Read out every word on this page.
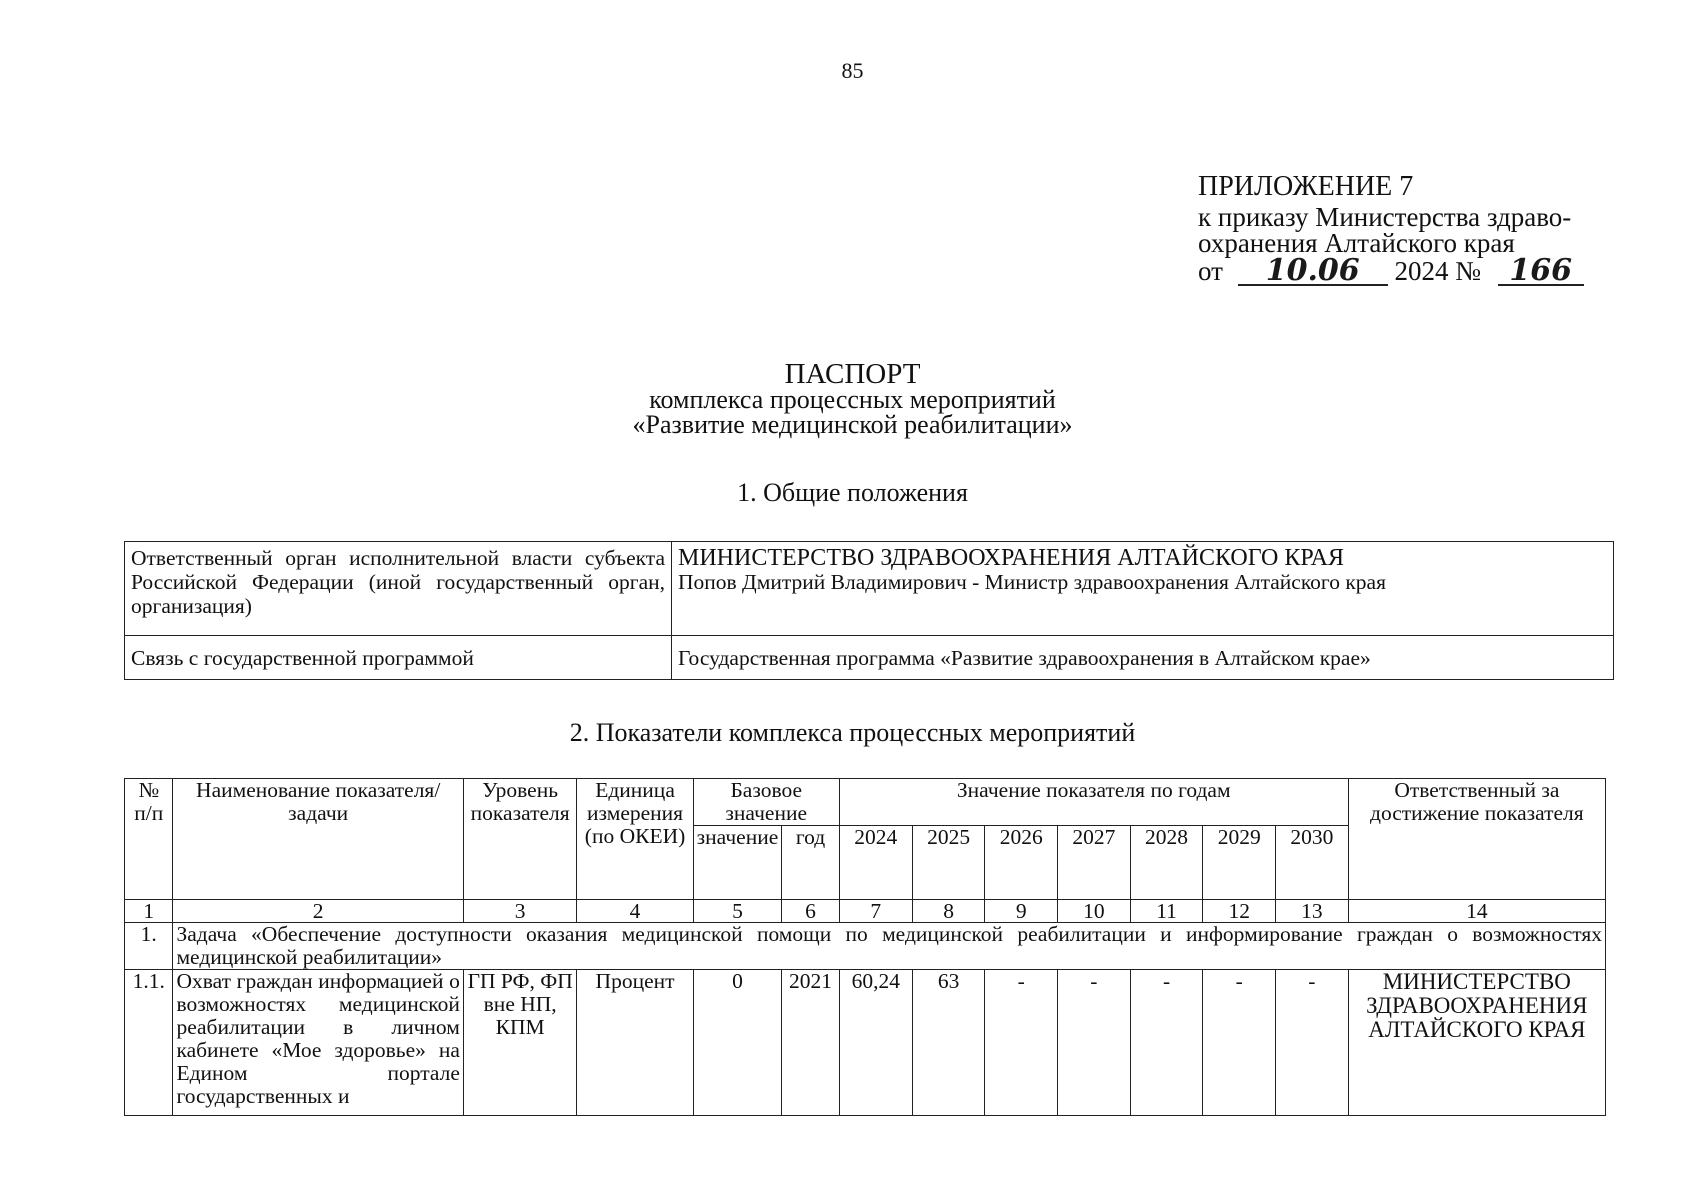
85
ПРИЛОЖЕНИЕ 7
к приказу Министерства здраво-
охранения Алтайского края
от 10.06 2024 № 166
ПАСПОРТ
комплекса процессных мероприятий
«Развитие медицинской реабилитации»
1. Общие положения
Ответственный орган исполнительной власти субъекта Российской Федерации (иной государственный орган, организация)	МИНИСТЕРСТВО ЗДРАВООХРАНЕНИЯ АЛТАЙСКОГО КРАЯ
Попов Дмитрий Владимирович - Министр здравоохранения Алтайского края
Связь с государственной программой	Государственная программа «Развитие здравоохранения в Алтайском крае»
2. Показатели комплекса процессных мероприятий
№ п/п	Наименование показателя/задачи	Уровень показателя	Единица измерения (по ОКЕИ)	Базовое значение		Значение показателя по годам							Ответственный за достижение показателя
				значение	год	2024	2025	2026	2027	2028	2029	2030	
1	2	3	4	5	6	7	8	9	10	11	12	13	14
1.	Задача «Обеспечение доступности оказания медицинской помощи по медицинской реабилитации и информирование граждан о возможностях медицинской реабилитации»												
1.1.	Охват граждан информацией о возможностях медицинской реабилитации в личном кабинете «Мое здоровье» на Едином портале государственных и	ГП РФ, ФП вне НП, КПМ	Процент	0	2021	60,24	63	-	-	-	-	-	МИНИСТЕРСТВО ЗДРАВООХРАНЕНИЯ АЛТАЙСКОГО КРАЯ
